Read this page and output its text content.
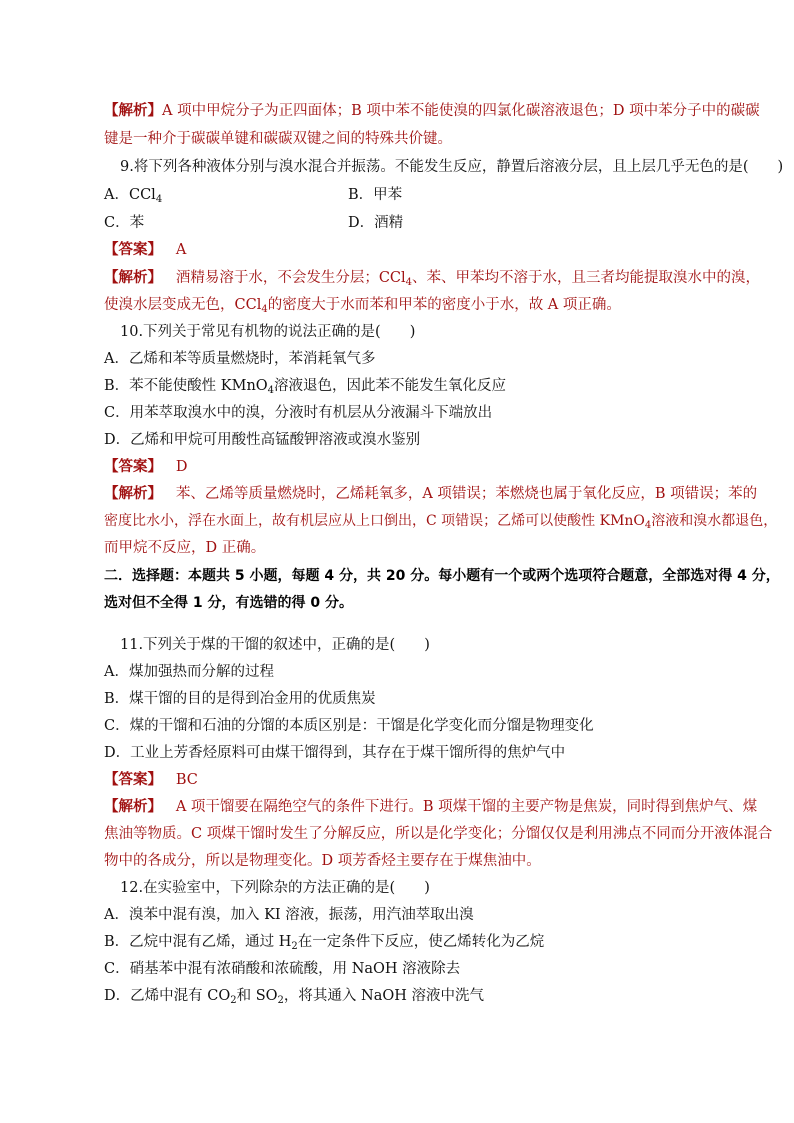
【解析】A 项中甲烷分子为正四面体；B 项中苯不能使溴的四氯化碳溶液退色；D 项中苯分子中的碳碳
键是一种介于碳碳单键和碳碳双键之间的特殊共价键。
9.将下列各种液体分别与溴水混合并振荡。不能发生反应，静置后溶液分层，且上层几乎无色的是(　　)
A．CCl$_4$	B．甲苯
C．苯	D．酒精
【答案】 A
【解析】 酒精易溶于水，不会发生分层；CCl$_4$、苯、甲苯均不溶于水，且三者均能提取溴水中的溴，
使溴水层变成无色，CCl$_4$的密度大于水而苯和甲苯的密度小于水，故 A 项正确。
10.下列关于常见有机物的说法正确的是(　　)
A．乙烯和苯等质量燃烧时，苯消耗氧气多
B．苯不能使酸性 KMnO$_4$溶液退色，因此苯不能发生氧化反应
C．用苯萃取溴水中的溴，分液时有机层从分液漏斗下端放出
D．乙烯和甲烷可用酸性高锰酸钾溶液或溴水鉴别
【答案】 D
【解析】 苯、乙烯等质量燃烧时，乙烯耗氧多，A 项错误；苯燃烧也属于氧化反应，B 项错误；苯的
密度比水小，浮在水面上，故有机层应从上口倒出，C 项错误；乙烯可以使酸性 KMnO$_4$溶液和溴水都退色，
而甲烷不反应，D 正确。
二．选择题：本题共 5 小题，每题 4 分，共 20 分。每小题有一个或两个选项符合题意，全部选对得 4 分，
选对但不全得 1 分，有选错的得 0 分。
11.下列关于煤的干馏的叙述中，正确的是(　　)
A．煤加强热而分解的过程
B．煤干馏的目的是得到冶金用的优质焦炭
C．煤的干馏和石油的分馏的本质区别是：干馏是化学变化而分馏是物理变化
D．工业上芳香烃原料可由煤干馏得到，其存在于煤干馏所得的焦炉气中
【答案】 BC
【解析】 A 项干馏要在隔绝空气的条件下进行。B 项煤干馏的主要产物是焦炭，同时得到焦炉气、煤
焦油等物质。C 项煤干馏时发生了分解反应，所以是化学变化；分馏仅仅是利用沸点不同而分开液体混合
物中的各成分，所以是物理变化。D 项芳香烃主要存在于煤焦油中。
12.在实验室中，下列除杂的方法正确的是(　　)
A．溴苯中混有溴，加入 KI 溶液，振荡，用汽油萃取出溴
B．乙烷中混有乙烯，通过 $H_2$在一定条件下反应，使乙烯转化为乙烷
C．硝基苯中混有浓硝酸和浓硫酸，用 NaOH 溶液除去
D．乙烯中混有 $CO_2$和 $SO_2$，将其通入 NaOH 溶液中洗气
